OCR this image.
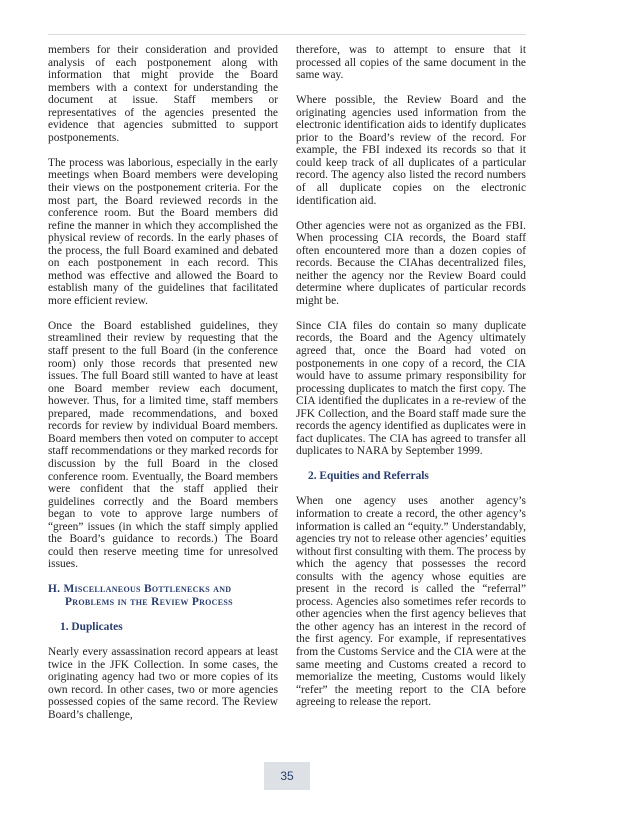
members for their consideration and provided analysis of each postponement along with information that might provide the Board members with a context for understanding the document at issue. Staff members or representatives of the agencies presented the evidence that agencies submitted to support postponements.

The process was laborious, especially in the early meetings when Board members were developing their views on the postponement criteria. For the most part, the Board reviewed records in the conference room. But the Board members did refine the manner in which they accomplished the physical review of records. In the early phases of the process, the full Board examined and debated on each postponement in each record. This method was effective and allowed the Board to establish many of the guidelines that facilitated more efficient review.

Once the Board established guidelines, they streamlined their review by requesting that the staff present to the full Board (in the conference room) only those records that presented new issues. The full Board still wanted to have at least one Board member review each document, however. Thus, for a limited time, staff members prepared, made recommendations, and boxed records for review by individual Board members. Board members then voted on computer to accept staff recommendations or they marked records for discussion by the full Board in the closed conference room. Eventually, the Board members were confident that the staff applied their guidelines correctly and the Board members began to vote to approve large numbers of “green” issues (in which the staff simply applied the Board’s guidance to records.) The Board could then reserve meeting time for unresolved issues.

H. Miscellaneous Bottlenecks and
Problems in the Review Process
1. Duplicates

Nearly every assassination record appears at least twice in the JFK Collection. In some cases, the originating agency had two or more copies of its own record. In other cases, two or more agencies possessed copies of the same record. The Review Board’s challenge,

therefore, was to attempt to ensure that it processed all copies of the same document in the same way.

Where possible, the Review Board and the originating agencies used information from the electronic identification aids to identify duplicates prior to the Board’s review of the record. For example, the FBI indexed its records so that it could keep track of all duplicates of a particular record. The agency also listed the record numbers of all duplicate copies on the electronic identification aid.

Other agencies were not as organized as the FBI. When processing CIA records, the Board staff often encountered more than a dozen copies of records. Because the CIAhas decentralized files, neither the agency nor the Review Board could determine where duplicates of particular records might be.

Since CIA files do contain so many duplicate records, the Board and the Agency ultimately agreed that, once the Board had voted on postponements in one copy of a record, the CIA would have to assume primary responsibility for processing duplicates to match the first copy. The CIA identified the duplicates in a re-review of the JFK Collection, and the Board staff made sure the records the agency identified as duplicates were in fact duplicates. The CIA has agreed to transfer all duplicates to NARA by September 1999.

2. Equities and Referrals

When one agency uses another agency’s information to create a record, the other agency’s information is called an “equity.” Understandably, agencies try not to release other agencies’ equities without first consulting with them. The process by which the agency that possesses the record consults with the agency whose equities are present in the record is called the “referral” process. Agencies also sometimes refer records to other agencies when the first agency believes that the other agency has an interest in the record of the first agency. For example, if representatives from the Customs Service and the CIA were at the same meeting and Customs created a record to memorialize the meeting, Customs would likely “refer” the meeting report to the CIA before agreeing to release the report.

35
